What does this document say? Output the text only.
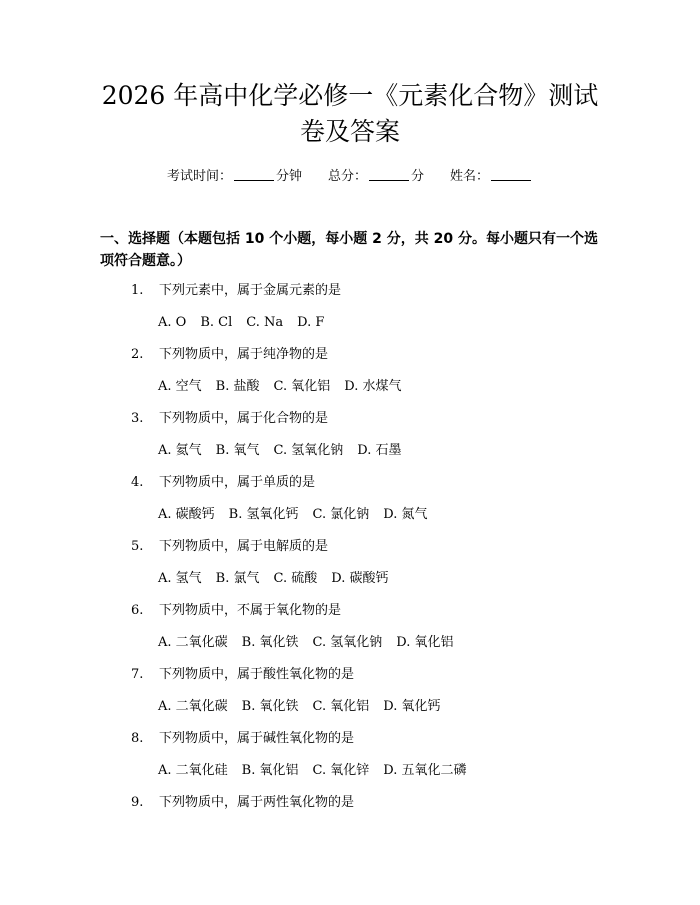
2026 年高中化学必修一《元素化合物》测试
卷及答案
考试时间：	分钟 总分：	分 姓名：
一、选择题（本题包括 10 个小题，每小题 2 分，共 20 分。每小题只有一个选项符合题意。）
1. 下列元素中，属于金属元素的是
A. O B. Cl C. Na D. F
2. 下列物质中，属于纯净物的是
A. 空气 B. 盐酸 C. 氧化铝 D. 水煤气
3. 下列物质中，属于化合物的是
A. 氦气 B. 氧气 C. 氢氧化钠 D. 石墨
4. 下列物质中，属于单质的是
A. 碳酸钙 B. 氢氧化钙 C. 氯化钠 D. 氮气
5. 下列物质中，属于电解质的是
A. 氢气 B. 氯气 C. 硫酸 D. 碳酸钙
6. 下列物质中，不属于氧化物的是
A. 二氧化碳 B. 氧化铁 C. 氢氧化钠 D. 氧化铝
7. 下列物质中，属于酸性氧化物的是
A. 二氧化碳 B. 氧化铁 C. 氧化铝 D. 氧化钙
8. 下列物质中，属于碱性氧化物的是
A. 二氧化硅 B. 氧化铝 C. 氧化锌 D. 五氧化二磷
9. 下列物质中，属于两性氧化物的是
